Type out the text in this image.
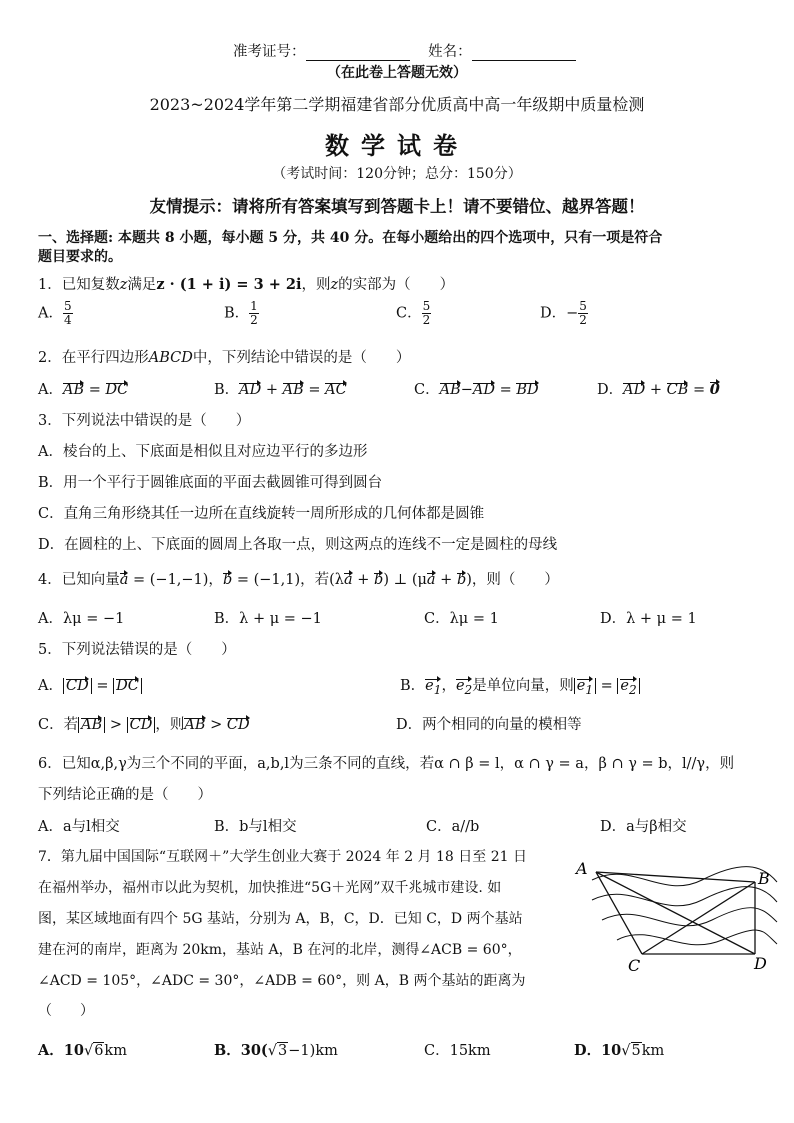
准考证号：	姓名：
（在此卷上答题无效）
2023~2024学年第二学期福建省部分优质高中高一年级期中质量检测
数学试卷
（考试时间：120分钟；总分：150分）
友情提示：请将所有答案填写到答题卡上！请不要错位、越界答题！
一、选择题: 本题共 8 小题，每小题 5 分，共 40 分。在每小题给出的四个选项中，只有一项是符合
题目要求的。
1．已知复数z满足z · (1 + i) = 3 + 2i，则z的实部为（　　）
A． $\frac{5}{4}$	B． $\frac{1}{2}$	C． $\frac{5}{2}$	D．− $\frac{5}{2}$
2．在平行四边形ABCD中，下列结论中错误的是（　　）
A．AB = DC	B．AD + AB = AC	C．AB−AD = BD	D．AD + CB = 0
3．下列说法中错误的是（　　）
A．棱台的上、下底面是相似且对应边平行的多边形
B．用一个平行于圆锥底面的平面去截圆锥可得到圆台
C．直角三角形绕其任一边所在直线旋转一周所形成的几何体都是圆锥
D．在圆柱的上、下底面的圆周上各取一点，则这两点的连线不一定是圆柱的母线
4．已知向量a = (−1,−1)，b = (−1,1)，若(λa + b) ⊥ (μa + b)，则（　　）
A．λμ = −1	B．λ + μ = −1	C．λμ = 1	D．λ + μ = 1
5．下列说法错误的是（　　）
A． CD = DC	B．$e_1$，$e_2$是单位向量，则 $e_1 = e_2$
C．若 AB > CD ，则AB > CD	D．两个相同的向量的模相等
6．已知α,β,γ为三个不同的平面，a,b,l为三条不同的直线，若α ∩ β = l，α ∩ γ = a，β ∩ γ = b，l//γ，则
下列结论正确的是（　　）
A．a与l相交	B．b与l相交	C．a//b	D．a与β相交
7．第九届中国国际“互联网＋”大学生创业大赛于 2024 年 2 月 18 日至 21 日
在福州举办，福州市以此为契机，加快推进“5G＋光网”双千兆城市建设. 如
图，某区域地面有四个 5G 基站，分别为 A，B，C，D．已知 C，D 两个基站
建在河的南岸，距离为 20km，基站 A，B 在河的北岸，测得∠ACB = 60°，
∠ACD = 105°，∠ADC = 30°，∠ADB = 60°，则 A，B 两个基站的距离为
（　　）
A
B
C	D
A．10√6km	B．30(√3−1)km	C．15km	D．10√5km
